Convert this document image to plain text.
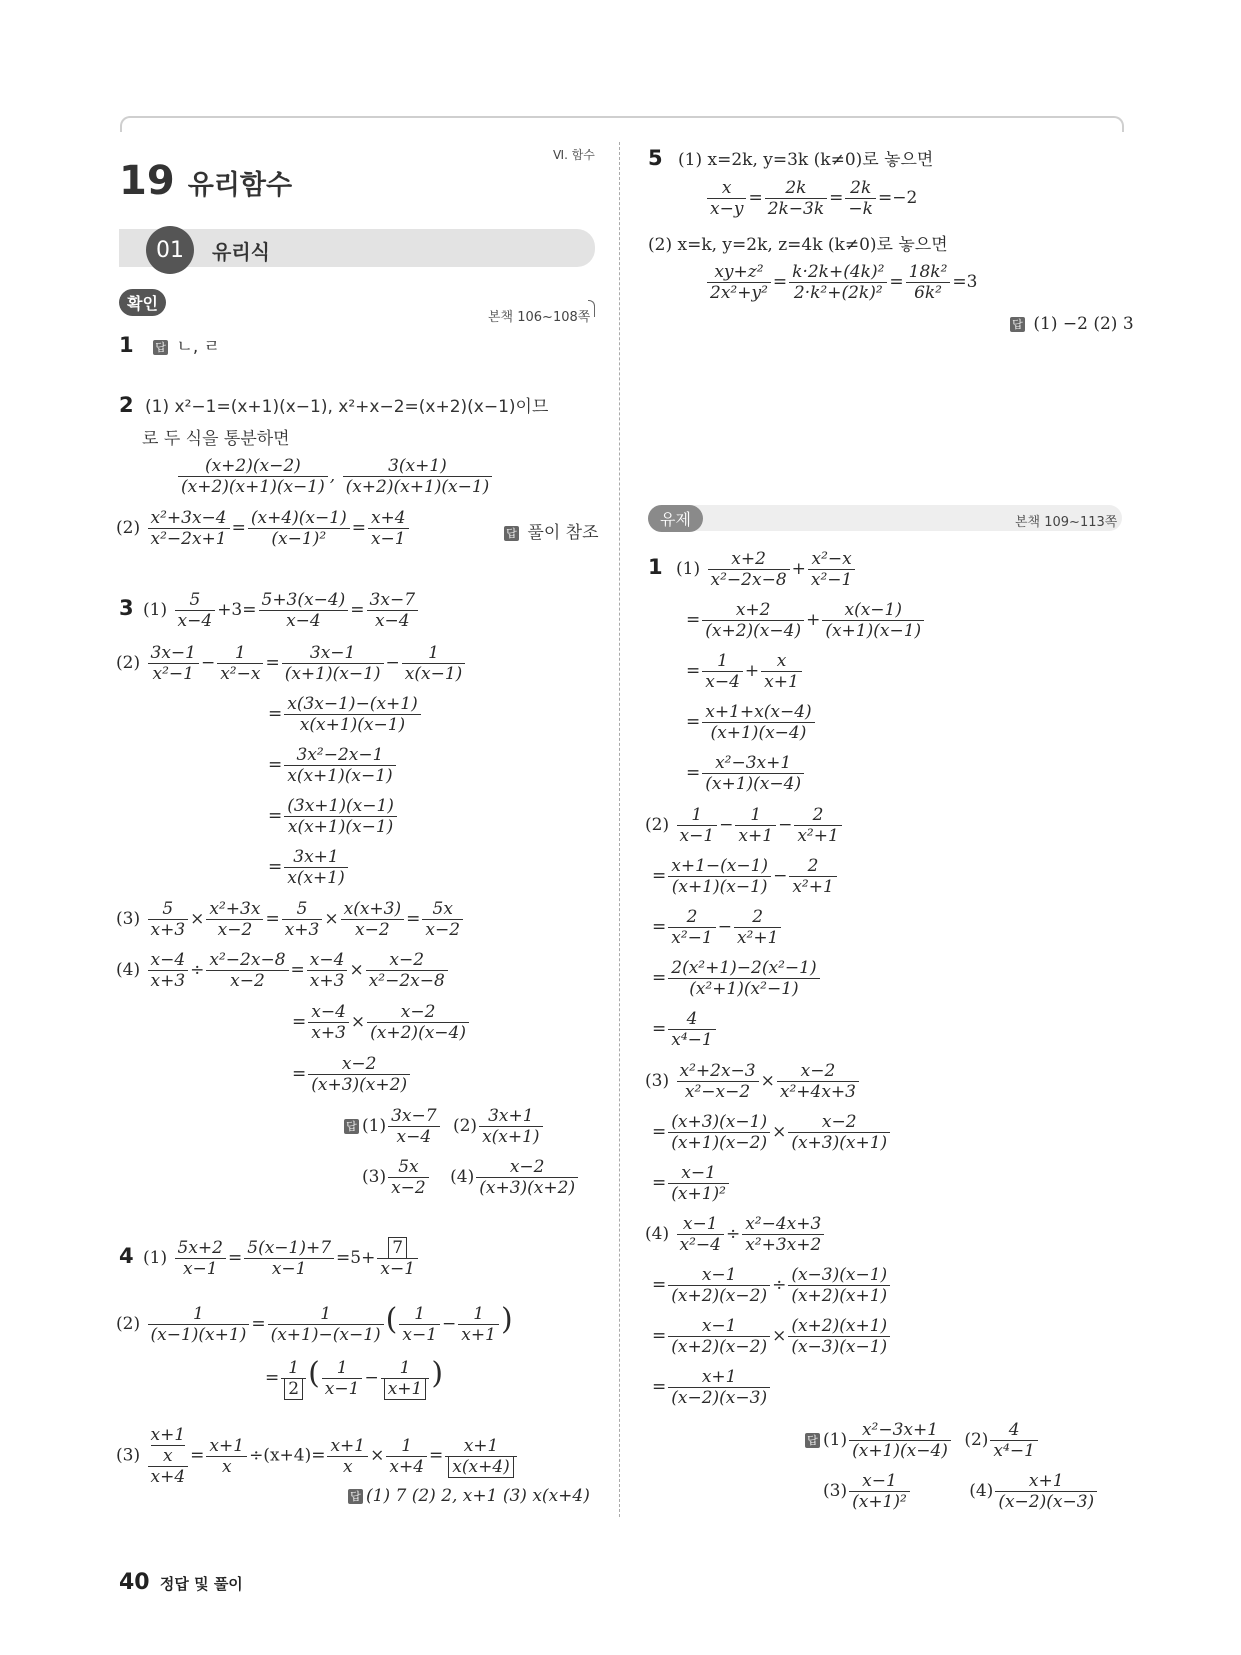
19 유리함수
Ⅵ. 함수
01	유리식
확인
본책 106~108쪽
1 답 ㄴ, ㄹ
2 (1) x²−1=(x+1)(x−1), x²+x−2=(x+2)(x−1)이므
로 두 식을 통분하면
$\frac{(x+2)(x-2)}{(x+2)(x+1)(x-1)}$ , $\frac{3(x+1)}{(x+2)(x+1)(x-1)}$
$(2) \frac{\text{x²+3x−4}}{\text{x²−2x+1}} = \frac{(x+4)(x-1)}{\text{(x−1)²}} = \frac{x+4}{x-1}$	답 풀이 참조
3 $(1) \frac{5}{x-4} +3= \frac{5+3(x-4)}{x-4} = \frac{3x-7}{x-4}$
$(2) \frac{3x-1}{\text{x²−1}} - \frac{1}{\text{x²−x}} = \frac{3x-1}{(x+1)(x-1)} - \frac{1}{x(x-1)}$
= $\frac{x(3x-1)-(x+1)}{x(x+1)(x-1)}$
= $\frac{\text{3x²−2x−1}}{x(x+1)(x-1)}$
= $\frac{(3x+1)(x-1)}{x(x+1)(x-1)}$
= $\frac{3x+1}{x(x+1)}$
$(3) \frac{5}{x+3} \times \frac{\text{x²+3x}}{x-2} = \frac{5}{x+3} \times \frac{x(x+3)}{x-2} = \frac{5x}{x-2}$
$(4) \frac{x-4}{x+3} \div \frac{\text{x²−2x−8}}{x-2} = \frac{x-4}{x+3} \times \frac{x-2}{\text{x²−2x−8}}$
= $\frac{x-4}{x+3} \times \frac{x-2}{(x+2)(x-4)}$
= $\frac{x-2}{(x+3)(x+2)}$
답 $(1) \frac{3x-7}{x-4} (2) \frac{3x+1}{x(x+1)}$
$(3) \frac{5x}{x-2} (4) \frac{x-2}{(x+3)(x+2)}$
4 $(1) \frac{5x+2}{x-1} = \frac{5(x-1)+7}{x-1} =5+ \frac{7}{x-1}$
$(2) \frac{1}{(x-1)(x+1)} = \frac{1}{(x+1)-(x-1)}$ ( $\frac{1}{x-1} - \frac{1}{x+1}$ )
= $\frac{1}{2}$ ( $\frac{1}{x-1} - \frac{1}{x+1}$ )
(3) x+1
x
$x+4 = \frac{x+1}{x} \div(x+4)= \frac{x+1}{x} \times \frac{1}{x+4} = \frac{x+1}{x(x+4)}$
답 (1) 7 (2) 2, x+1 (3) x(x+4)
5 (1) x=2k, y=3k (k≠0)로 놓으면
$\frac{x}{x-y} = \frac{2k}{2k-3k} = \frac{2k}{-k} =-2$
(2) x=k, y=2k, z=4k (k≠0)로 놓으면
$\frac{\text{xy+z²}}{\text{2x²+y²}} = \frac{\text{k·2k+(4k)²}}{\text{2·k²+(2k)²}} = \frac{\text{18k²}}{\text{6k²}} =3$
답 (1) −2 (2) 3
유제	본책 109~113쪽
1 $(1) \frac{x+2}{\text{x²−2x−8}} + \frac{\text{x²−x}}{\text{x²−1}}$
= $\frac{x+2}{(x+2)(x-4)} + \frac{x(x-1)}{(x+1)(x-1)}$
= $\frac{1}{x-4} + \frac{x}{x+1}$
= $\frac{x+1+x(x-4)}{(x+1)(x-4)}$
= $\frac{\text{x²−3x+1}}{(x+1)(x-4)}$
$(2) \frac{1}{x-1} - \frac{1}{x+1} - \frac{2}{\text{x²+1}}$
= $\frac{x+1-(x-1)}{(x+1)(x-1)} - \frac{2}{\text{x²+1}}$
= $\frac{2}{\text{x²−1}} - \frac{2}{\text{x²+1}}$
= $\frac{\text{2(x²+1)−2(x²−1)}}{\text{(x²+1)(x²−1)}}$
= $\frac{4}{\text{x⁴−1}}$
$(3) \frac{\text{x²+2x−3}}{\text{x²−x−2}} \times \frac{x-2}{\text{x²+4x+3}}$
= $\frac{(x+3)(x-1)}{(x+1)(x-2)} \times \frac{x-2}{(x+3)(x+1)}$
= $\frac{x-1}{\text{(x+1)²}}$
$(4) \frac{x-1}{\text{x²−4}} \div \frac{\text{x²−4x+3}}{\text{x²+3x+2}}$
= $\frac{x-1}{(x+2)(x-2)} \div \frac{(x-3)(x-1)}{(x+2)(x+1)}$
= $\frac{x-1}{(x+2)(x-2)} \times \frac{(x+2)(x+1)}{(x-3)(x-1)}$
= $\frac{x+1}{(x-2)(x-3)}$
답 $(1) \frac{\text{x²−3x+1}}{(x+1)(x-4)} (2) \frac{4}{\text{x⁴−1}}$
$(3) \frac{x-1}{\text{(x+1)²}}$	$(4) \frac{x+1}{(x-2)(x-3)}$
40 정답 및 풀이
